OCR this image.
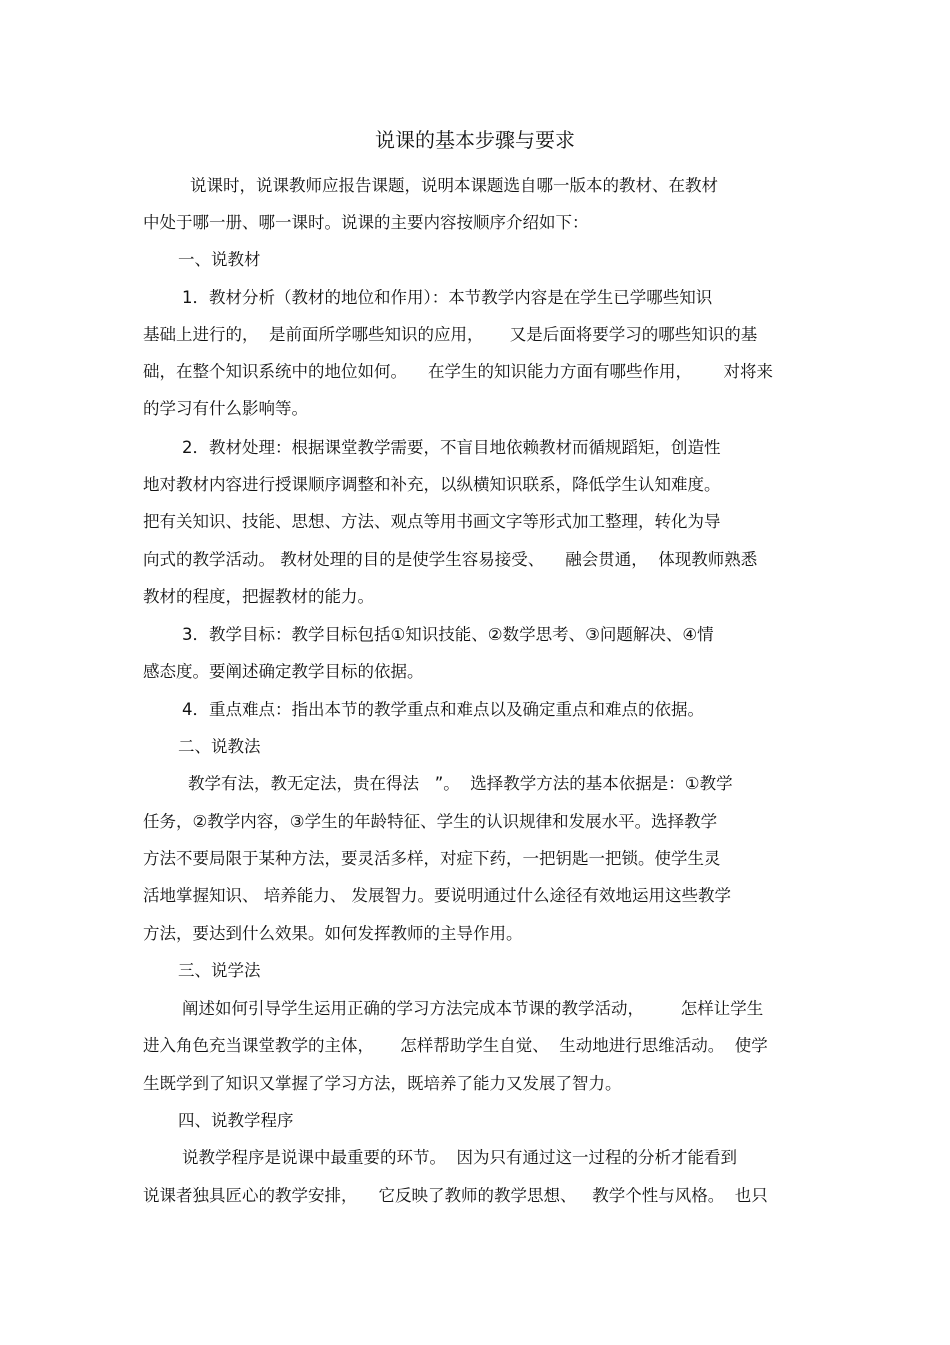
说课的基本步骤与要求
说课时，说课教师应报告课题，说明本课题选自哪一版本的教材、在教材
中处于哪一册、哪一课时。说课的主要内容按顺序介绍如下：
一、说教材
1．教材分析（教材的地位和作用）：本节教学内容是在学生已学哪些知识
基础上进行的，  是前面所学哪些知识的应用，     又是后面将要学习的哪些知识的基
础，在整个知识系统中的地位如何。    在学生的知识能力方面有哪些作用，      对将来
的学习有什么影响等。
2．教材处理：根据课堂教学需要，不盲目地依赖教材而循规蹈矩，创造性
地对教材内容进行授课顺序调整和补充，以纵横知识联系，降低学生认知难度。
把有关知识、技能、思想、方法、观点等用书画文字等形式加工整理，转化为导
向式的教学活动。 教材处理的目的是使学生容易接受、    融会贯通，  体现教师熟悉
教材的程度，把握教材的能力。
3．教学目标：教学目标包括①知识技能、②数学思考、③问题解决、④情
感态度。要阐述确定教学目标的依据。
4．重点难点：指出本节的教学重点和难点以及确定重点和难点的依据。
二、说教法
教学有法，教无定法，贵在得法   ”。  选择教学方法的基本依据是：①教学
任务，②教学内容，③学生的年龄特征、学生的认识规律和发展水平。选择教学
方法不要局限于某种方法，要灵活多样，对症下药，一把钥匙一把锁。使学生灵
活地掌握知识、 培养能力、 发展智力。要说明通过什么途径有效地运用这些教学
方法，要达到什么效果。如何发挥教师的主导作用。
三、说学法
阐述如何引导学生运用正确的学习方法完成本节课的教学活动，       怎样让学生
进入角色充当课堂教学的主体，     怎样帮助学生自觉、  生动地进行思维活动。  使学
生既学到了知识又掌握了学习方法，既培养了能力又发展了智力。
四、说教学程序
说教学程序是说课中最重要的环节。  因为只有通过这一过程的分析才能看到
说课者独具匠心的教学安排，    它反映了教师的教学思想、   教学个性与风格。  也只
